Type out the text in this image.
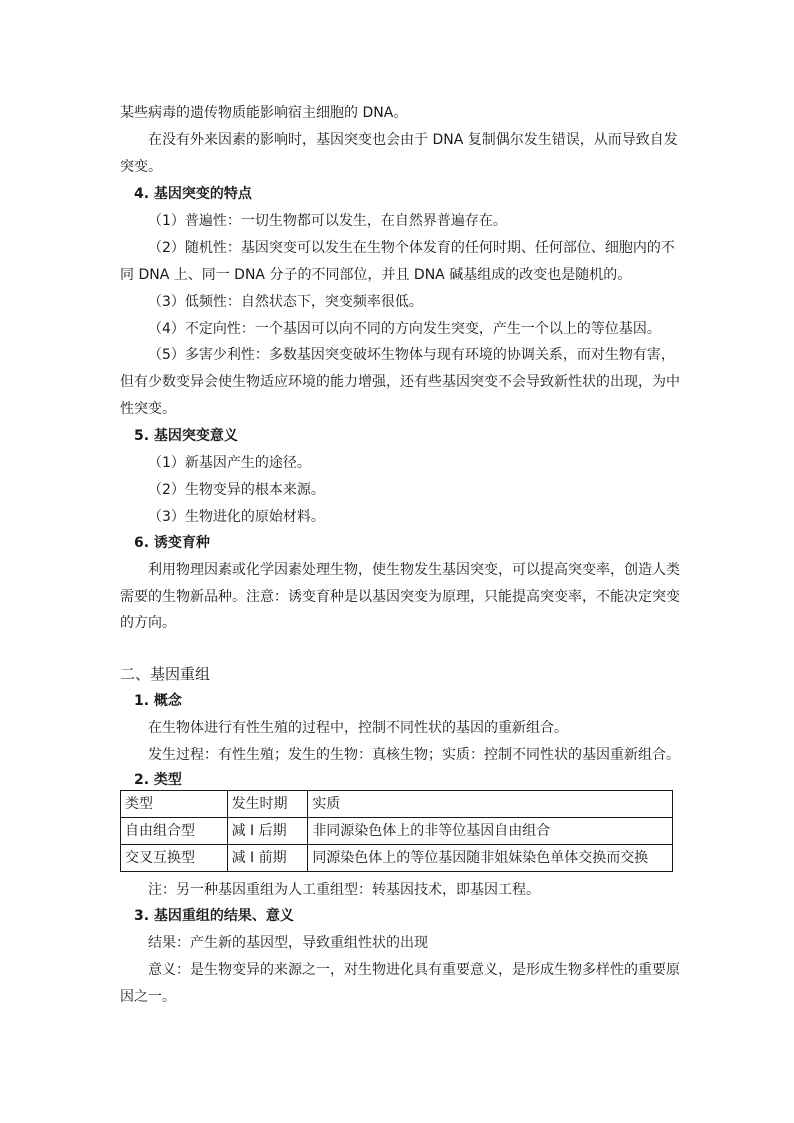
某些病毒的遗传物质能影响宿主细胞的 DNA。
在没有外来因素的影响时，基因突变也会由于 DNA 复制偶尔发生错误，从而导致自发
突变。
4. 基因突变的特点
（1）普遍性：一切生物都可以发生，在自然界普遍存在。
（2）随机性：基因突变可以发生在生物个体发育的任何时期、任何部位、细胞内的不
同 DNA 上、同一 DNA 分子的不同部位，并且 DNA 碱基组成的改变也是随机的。
（3）低频性：自然状态下，突变频率很低。
（4）不定向性：一个基因可以向不同的方向发生突变，产生一个以上的等位基因。
（5）多害少利性：多数基因突变破坏生物体与现有环境的协调关系，而对生物有害，
但有少数变异会使生物适应环境的能力增强，还有些基因突变不会导致新性状的出现，为中
性突变。
5. 基因突变意义
（1）新基因产生的途径。
（2）生物变异的根本来源。
（3）生物进化的原始材料。
6. 诱变育种
利用物理因素或化学因素处理生物，使生物发生基因突变，可以提高突变率，创造人类
需要的生物新品种。注意：诱变育种是以基因突变为原理，只能提高突变率，不能决定突变
的方向。
二、基因重组
1. 概念
在生物体进行有性生殖的过程中，控制不同性状的基因的重新组合。
发生过程：有性生殖；发生的生物：真核生物；实质：控制不同性状的基因重新组合。
2. 类型
类型	发生时期	实质
自由组合型	减 I 后期	非同源染色体上的非等位基因自由组合
交叉互换型	减 I 前期	同源染色体上的等位基因随非姐妹染色单体交换而交换
注：另一种基因重组为人工重组型：转基因技术，即基因工程。
3. 基因重组的结果、意义
结果：产生新的基因型，导致重组性状的出现
意义：是生物变异的来源之一，对生物进化具有重要意义，是形成生物多样性的重要原
因之一。
